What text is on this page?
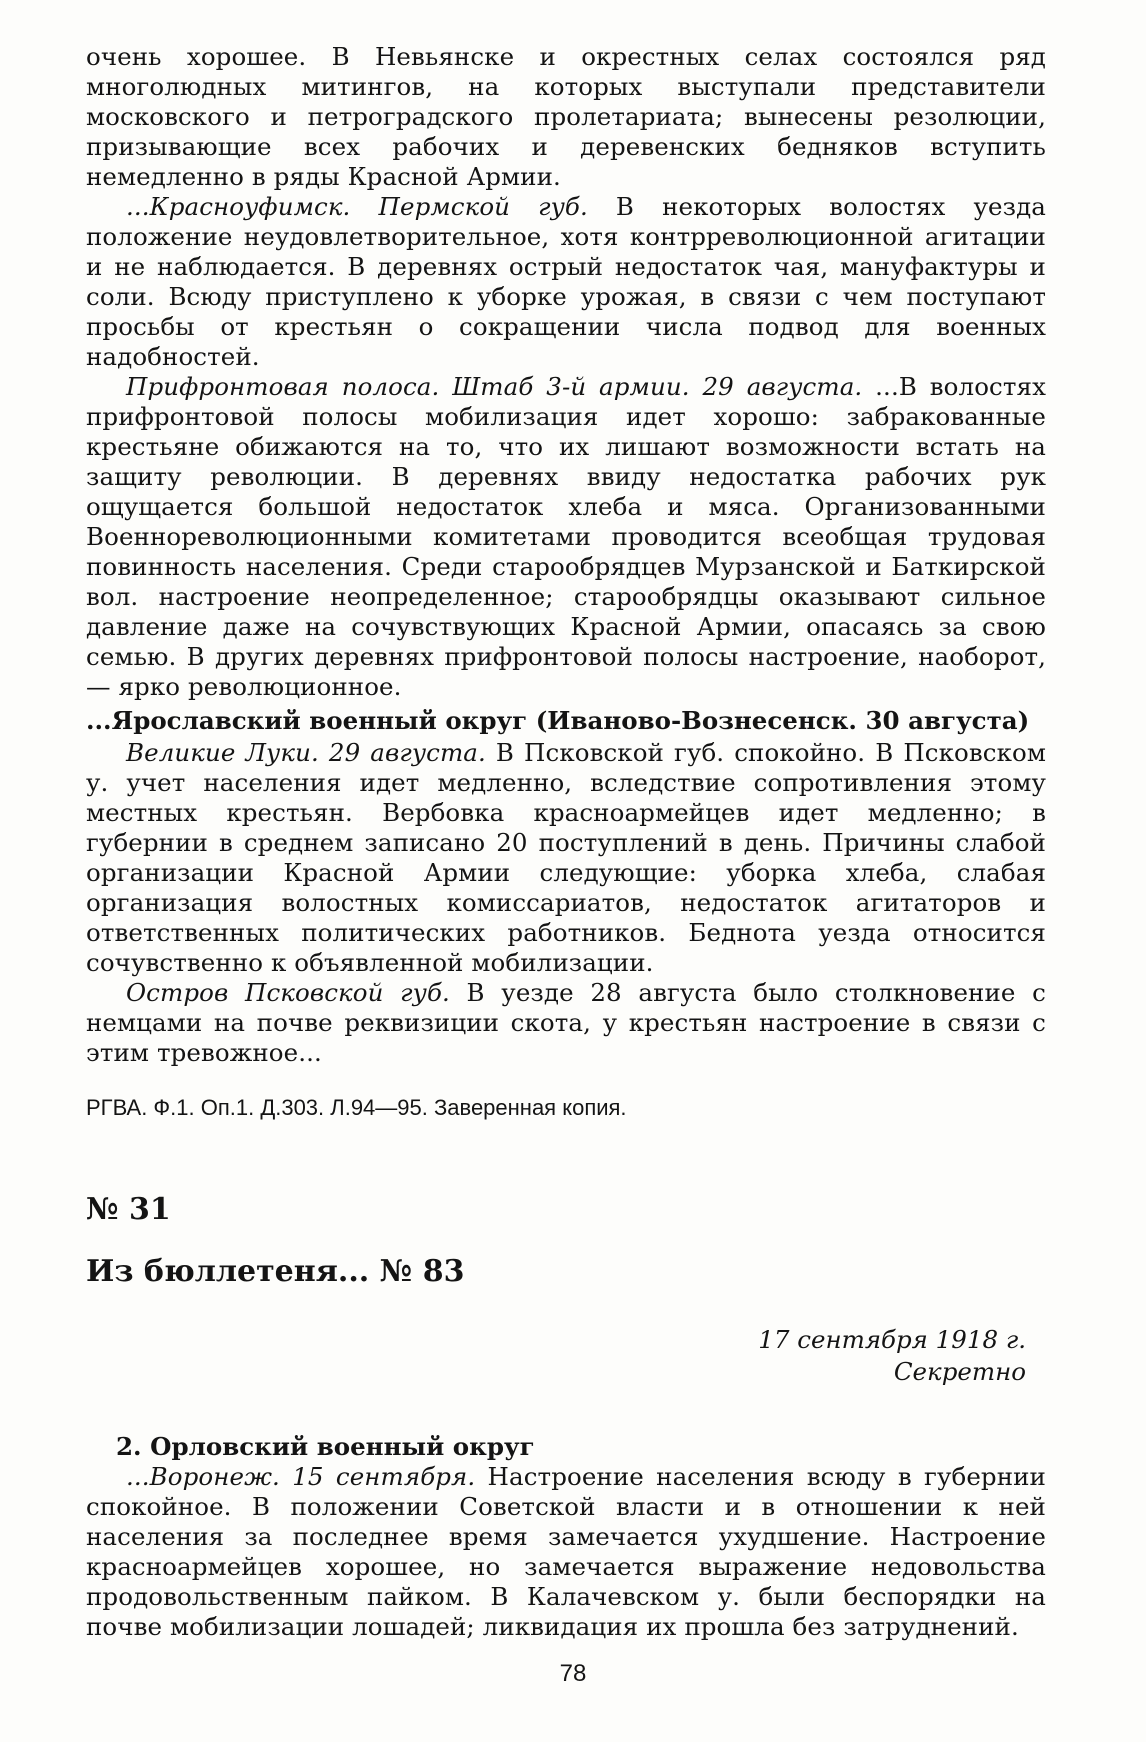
очень хорошее. В Невьянске и окрестных селах состоялся ряд многолюдных митингов, на которых выступали представители московского и петроградского пролетариата; вынесены резолюции, призывающие всех рабочих и деревенских бедняков вступить немедленно в ряды Красной Армии.

...Красноуфимск. Пермской губ. В некоторых волостях уезда положение неудовлетворительное, хотя контрреволюционной агитации и не наблюдается. В деревнях острый недостаток чая, мануфактуры и соли. Всюду приступлено к уборке урожая, в связи с чем поступают просьбы от крестьян о сокращении числа подвод для военных надобностей.

Прифронтовая полоса. Штаб 3-й армии. 29 августа. ...В волостях прифронтовой полосы мобилизация идет хорошо: забракованные крестьяне обижаются на то, что их лишают возможности встать на защиту революции. В деревнях ввиду недостатка рабочих рук ощущается большой недостаток хлеба и мяса. Организованными Военнореволюционными комитетами проводится всеобщая трудовая повинность населения. Среди старообрядцев Мурзанской и Баткирской вол. настроение неопределенное; старообрядцы оказывают сильное давление даже на сочувствующих Красной Армии, опасаясь за свою семью. В других деревнях прифронтовой полосы настроение, наоборот, — ярко революционное.

...Ярославский военный округ (Иваново-Вознесенск. 30 августа)

Великие Луки. 29 августа. В Псковской губ. спокойно. В Псковском у. учет населения идет медленно, вследствие сопротивления этому местных крестьян. Вербовка красноармейцев идет медленно; в губернии в среднем записано 20 поступлений в день. Причины слабой организации Красной Армии следующие: уборка хлеба, слабая организация волостных комиссариатов, недостаток агитаторов и ответственных политических работников. Беднота уезда относится сочувственно к объявленной мобилизации.

Остров Псковской губ. В уезде 28 августа было столкновение с немцами на почве реквизиции скота, у крестьян настроение в связи с этим тревожное...

РГВА. Ф.1. Оп.1. Д.303. Л.94—95. Заверенная копия.
№ 31
Из бюллетеня... № 83
17 сентября 1918 г.
Секретно
2. Орловский военный округ

...Воронеж. 15 сентября. Настроение населения всюду в губернии спокойное. В положении Советской власти и в отношении к ней населения за последнее время замечается ухудшение. Настроение красноармейцев хорошее, но замечается выражение недовольства продовольственным пайком. В Калачевском у. были беспорядки на почве мобилизации лошадей; ликвидация их прошла без затруднений.

78
